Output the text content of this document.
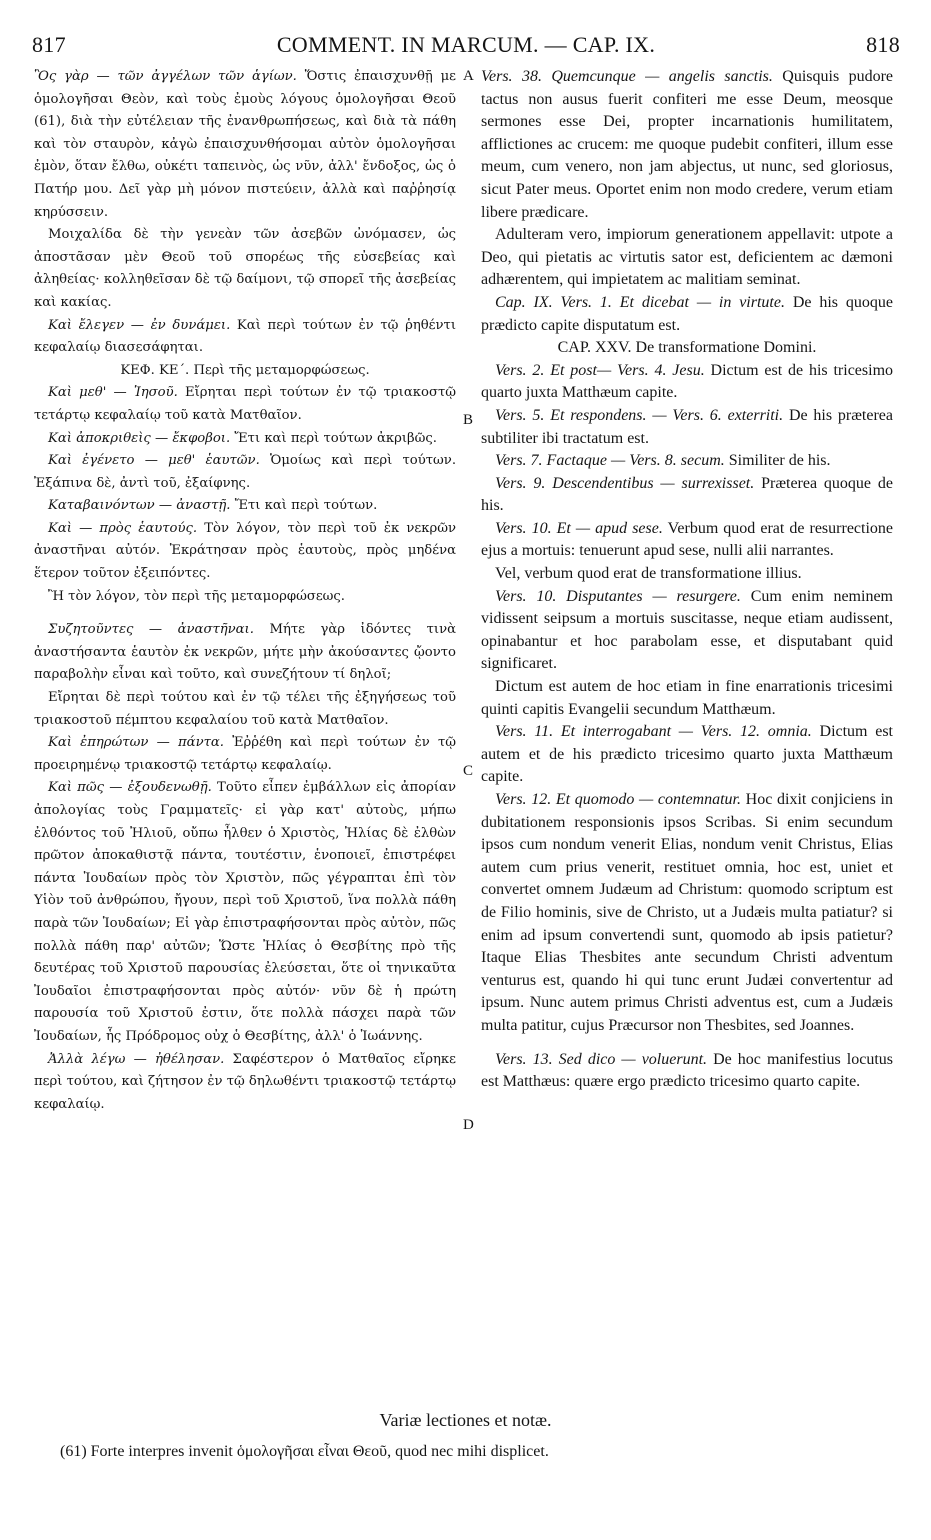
817	COMMENT. IN MARCUM. — CAP. IX.	818
A
B
C
D

Ὃς γὰρ — τῶν ἀγγέλων τῶν ἁγίων. Ὅστις ἐπαισχυνθῇ με ὁμολογῆσαι Θεὸν, καὶ τοὺς ἐμοὺς λόγους ὁμολογῆσαι Θεοῦ (61), διὰ τὴν εὐτέλειαν τῆς ἐνανθρωπήσεως, καὶ διὰ τὰ πάθη καὶ τὸν σταυρὸν, κἀγὼ ἐπαισχυνθήσομαι αὐτὸν ὁμολογῆσαι ἐμὸν, ὅταν ἔλθω, οὐκέτι ταπεινὸς, ὡς νῦν, ἀλλ' ἔνδοξος, ὡς ὁ Πατήρ μου. Δεῖ γὰρ μὴ μόνον πιστεύειν, ἀλλὰ καὶ παῤῥησίᾳ κηρύσσειν.

Μοιχαλίδα δὲ τὴν γενεὰν τῶν ἀσεβῶν ὠνόμασεν, ὡς ἀποστᾶσαν μὲν Θεοῦ τοῦ σπορέως τῆς εὐσεβείας καὶ ἀληθείας· κολληθεῖσαν δὲ τῷ δαίμονι, τῷ σπορεῖ τῆς ἀσεβείας καὶ κακίας.

Καὶ ἔλεγεν — ἐν δυνάμει. Καὶ περὶ τούτων ἐν τῷ ῥηθέντι κεφαλαίῳ διασεσάφηται.

ΚΕΦ. ΚΕ΄. Περὶ τῆς μεταμορφώσεως.

Καὶ μεθ' — Ἰησοῦ. Εἴρηται περὶ τούτων ἐν τῷ τριακοστῷ τετάρτῳ κεφαλαίῳ τοῦ κατὰ Ματθαῖον.

Καὶ ἀποκριθεὶς — ἔκφοβοι. Ἔτι καὶ περὶ τούτων ἀκριβῶς.

Καὶ ἐγένετο — μεθ' ἑαυτῶν. Ὁμοίως καὶ περὶ τούτων. Ἐξάπινα δὲ, ἀντὶ τοῦ, ἐξαίφνης.

Καταβαινόντων — ἀναστῇ. Ἔτι καὶ περὶ τούτων.

Καὶ — πρὸς ἑαυτούς. Τὸν λόγον, τὸν περὶ τοῦ ἐκ νεκρῶν ἀναστῆναι αὐτόν. Ἐκράτησαν πρὸς ἑαυτοὺς, πρὸς μηδένα ἕτερον τοῦτον ἐξειπόντες.

Ἢ τὸν λόγον, τὸν περὶ τῆς μεταμορφώσεως.

Συζητοῦντες — ἀναστῆναι. Μήτε γὰρ ἰδόντες τινὰ ἀναστήσαντα ἑαυτὸν ἐκ νεκρῶν, μήτε μὴν ἀκούσαντες ᾤοντο παραβολὴν εἶναι καὶ τοῦτο, καὶ συνεζήτουν τί δηλοῖ;

Εἴρηται δὲ περὶ τούτου καὶ ἐν τῷ τέλει τῆς ἐξηγήσεως τοῦ τριακοστοῦ πέμπτου κεφαλαίου τοῦ κατὰ Ματθαῖον.

Καὶ ἐπηρώτων — πάντα. Ἐῤῥέθη καὶ περὶ τούτων ἐν τῷ προειρημένῳ τριακοστῷ τετάρτῳ κεφαλαίῳ.

Καὶ πῶς — ἐξουδενωθῇ. Τοῦτο εἶπεν ἐμβάλλων εἰς ἀπορίαν ἀπολογίας τοὺς Γραμματεῖς· εἰ γὰρ κατ' αὐτοὺς, μήπω ἐλθόντος τοῦ Ἠλιοῦ, οὔπω ἦλθεν ὁ Χριστὸς, Ἠλίας δὲ ἐλθὼν πρῶτον ἀποκαθιστᾷ πάντα, τουτέστιν, ἑνοποιεῖ, ἐπιστρέφει πάντα Ἰουδαίων πρὸς τὸν Χριστὸν, πῶς γέγραπται ἐπὶ τὸν Υἱὸν τοῦ ἀνθρώπου, ἤγουν, περὶ τοῦ Χριστοῦ, ἵνα πολλὰ πάθη παρὰ τῶν Ἰουδαίων; Εἰ γὰρ ἐπιστραφήσονται πρὸς αὐτὸν, πῶς πολλὰ πάθη παρ' αὐτῶν; Ὥστε Ἠλίας ὁ Θεσβίτης πρὸ τῆς δευτέρας τοῦ Χριστοῦ παρουσίας ἐλεύσεται, ὅτε οἱ τηνικαῦτα Ἰουδαῖοι ἐπιστραφήσονται πρὸς αὐτόν· νῦν δὲ ἡ πρώτη παρουσία τοῦ Χριστοῦ ἐστιν, ὅτε πολλὰ πάσχει παρὰ τῶν Ἰουδαίων, ἧς Πρόδρομος οὐχ ὁ Θεσβίτης, ἀλλ' ὁ Ἰωάννης.

Ἀλλὰ λέγω — ἠθέλησαν. Σαφέστερον ὁ Ματθαῖος εἴρηκε περὶ τούτου, καὶ ζήτησον ἐν τῷ δηλωθέντι τριακοστῷ τετάρτῳ κεφαλαίῳ.

Vers. 38. Quemcunque — angelis sanctis. Quisquis pudore tactus non ausus fuerit confiteri me esse Deum, meosque sermones esse Dei, propter incarnationis humilitatem, afflictiones ac crucem: me quoque pudebit confiteri, illum esse meum, cum venero, non jam abjectus, ut nunc, sed gloriosus, sicut Pater meus. Oportet enim non modo credere, verum etiam libere prædicare.

Adulteram vero, impiorum generationem appellavit: utpote a Deo, qui pietatis ac virtutis sator est, deficientem ac dæmoni adhærentem, qui impietatem ac malitiam seminat.

Cap. IX. Vers. 1. Et dicebat — in virtute. De his quoque prædicto capite disputatum est.

CAP. XXV. De transformatione Domini.

Vers. 2. Et post— Vers. 4. Jesu. Dictum est de his tricesimo quarto juxta Matthæum capite.

Vers. 5. Et respondens. — Vers. 6. exterriti. De his præterea subtiliter ibi tractatum est.

Vers. 7. Factaque — Vers. 8. secum. Similiter de his.

Vers. 9. Descendentibus — surrexisset. Præterea quoque de his.

Vers. 10. Et — apud sese. Verbum quod erat de resurrectione ejus a mortuis: tenuerunt apud sese, nulli alii narrantes.

Vel, verbum quod erat de transformatione illius.

Vers. 10. Disputantes — resurgere. Cum enim neminem vidissent seipsum a mortuis suscitasse, neque etiam audissent, opinabantur et hoc parabolam esse, et disputabant quid significaret.

Dictum est autem de hoc etiam in fine enarrationis tricesimi quinti capitis Evangelii secundum Matthæum.

Vers. 11. Et interrogabant — Vers. 12. omnia. Dictum est autem et de his prædicto tricesimo quarto juxta Matthæum capite.

Vers. 12. Et quomodo — contemnatur. Hoc dixit conjiciens in dubitationem responsionis ipsos Scribas. Si enim secundum ipsos cum nondum venerit Elias, nondum venit Christus, Elias autem cum prius venerit, restituet omnia, hoc est, uniet et convertet omnem Judæum ad Christum: quomodo scriptum est de Filio hominis, sive de Christo, ut a Judæis multa patiatur? si enim ad ipsum convertendi sunt, quomodo ab ipsis patietur? Itaque Elias Thesbites ante secundum Christi adventum venturus est, quando hi qui tunc erunt Judæi convertentur ad ipsum. Nunc autem primus Christi adventus est, cum a Judæis multa patitur, cujus Præcursor non Thesbites, sed Joannes.

Vers. 13. Sed dico — voluerunt. De hoc manifestius locutus est Matthæus: quære ergo prædicto tricesimo quarto capite.

Variæ lectiones et notæ.
(61) Forte interpres invenit ὁμολογῆσαι εἶναι Θεοῦ, quod nec mihi displicet.
